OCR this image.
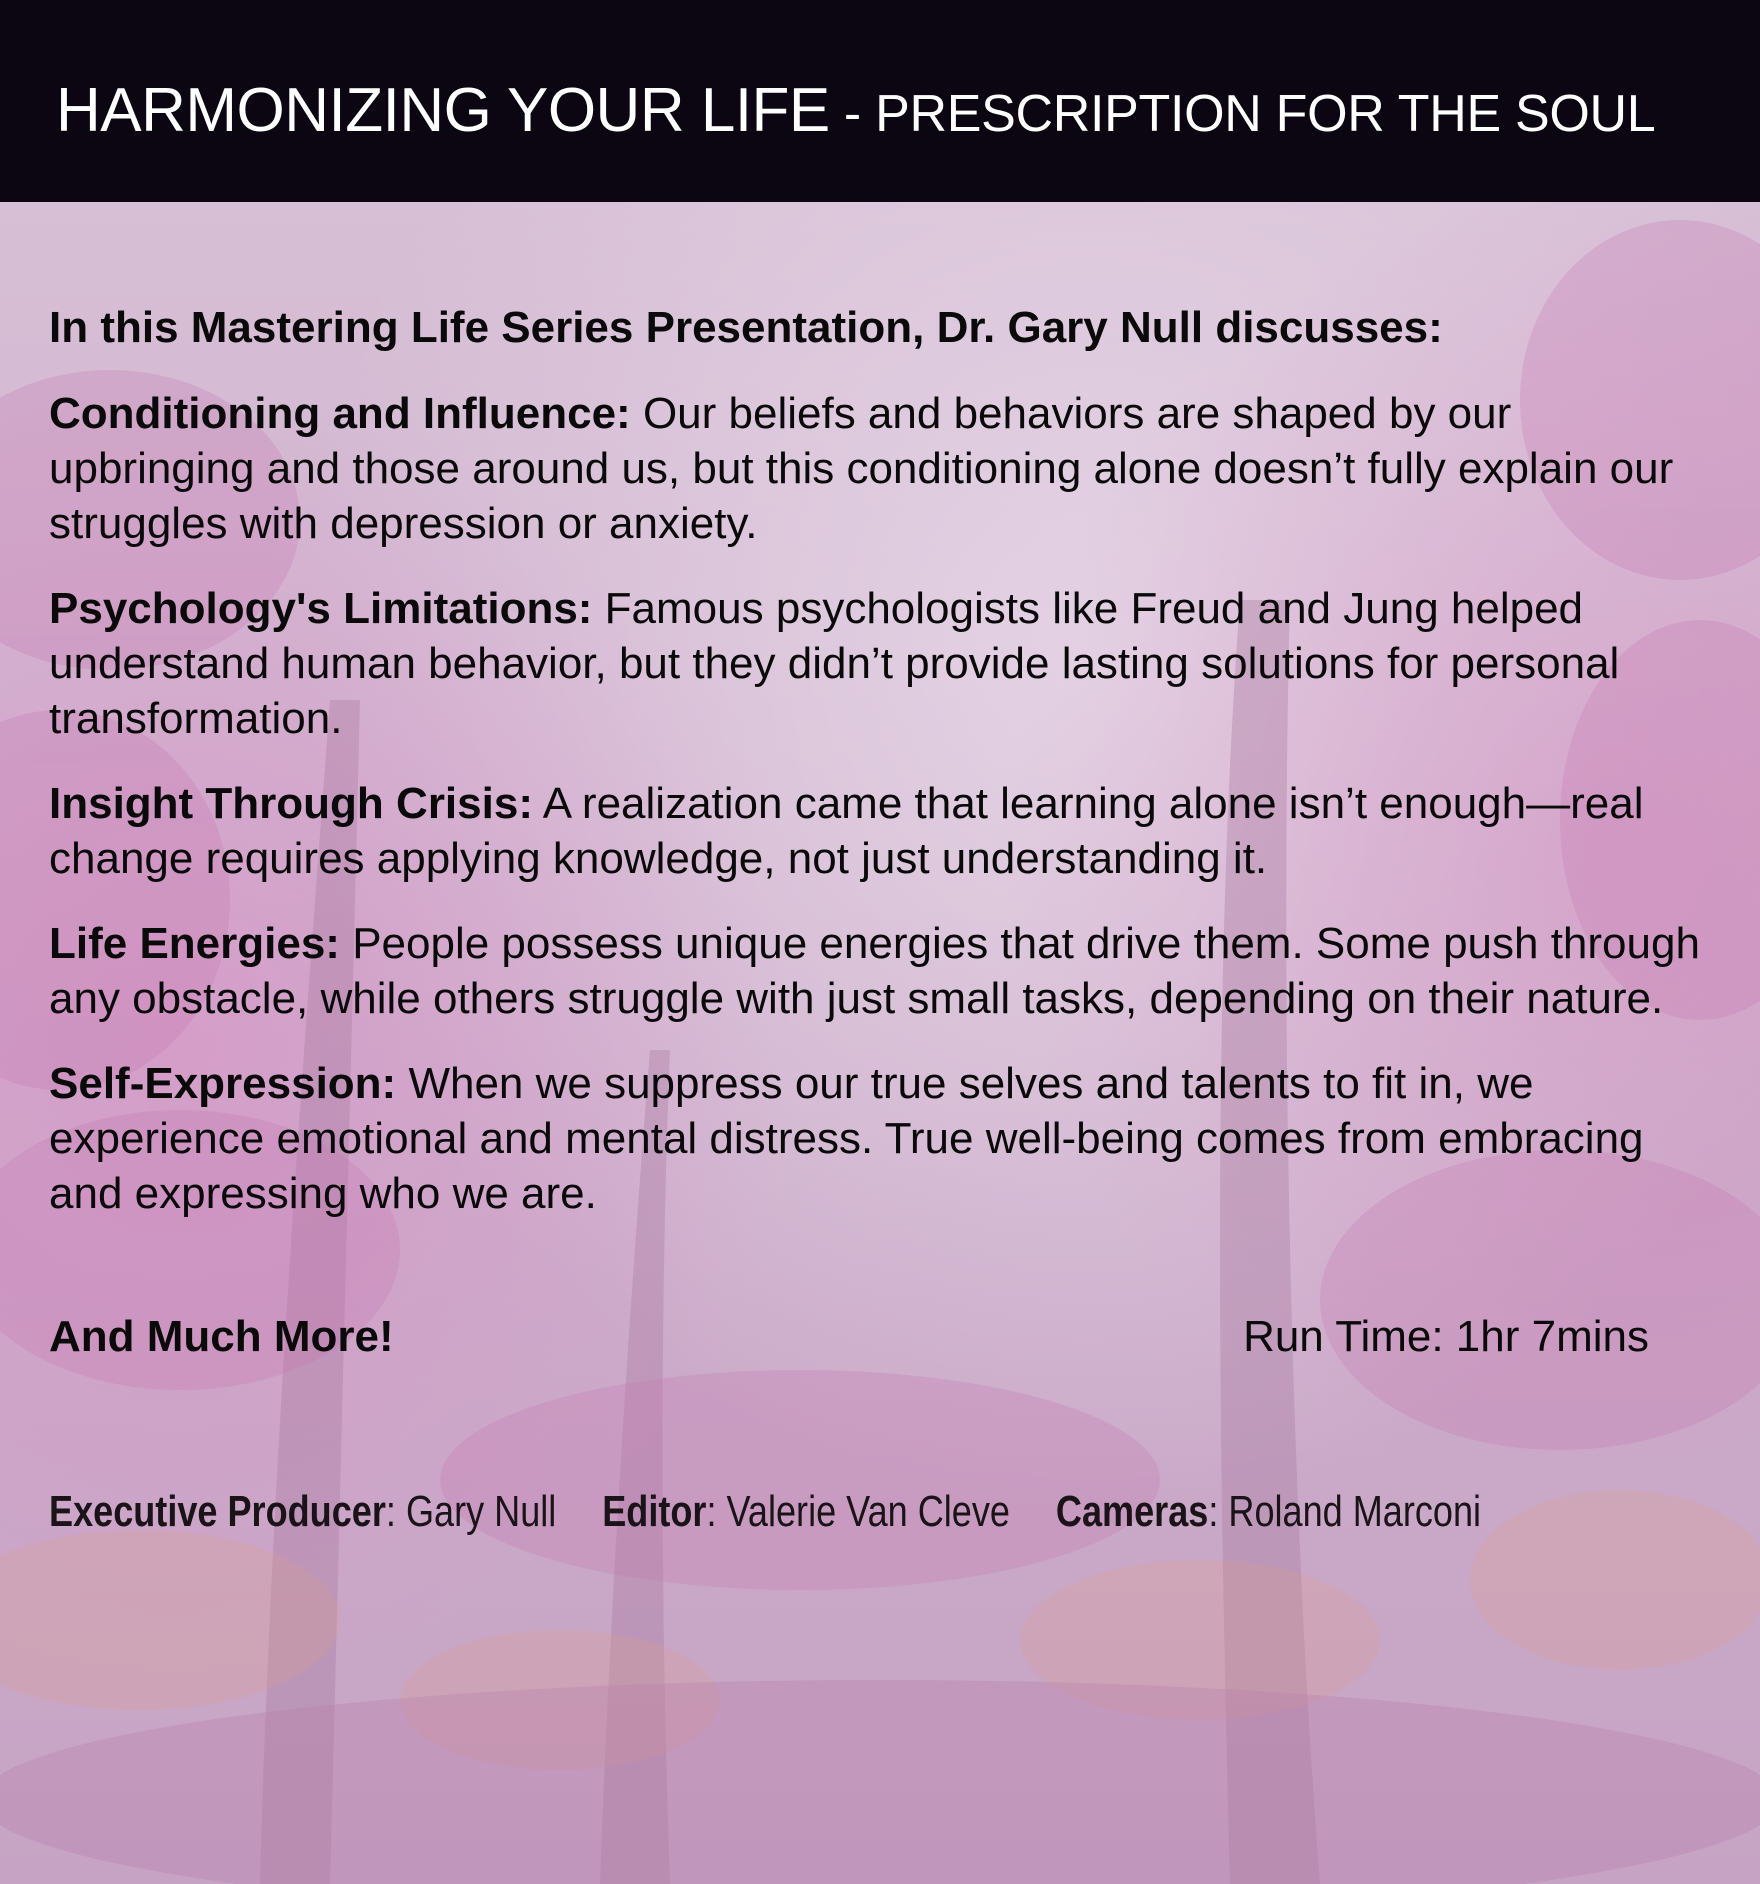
HARMONIZING YOUR LIFE - PRESCRIPTION FOR THE SOUL

In this Mastering Life Series Presentation, Dr. Gary Null discusses:

Conditioning and Influence: Our beliefs and behaviors are shaped by our upbringing and those around us, but this conditioning alone doesn’t fully explain our struggles with depression or anxiety.

Psychology's Limitations: Famous psychologists like Freud and Jung helped understand human behavior, but they didn’t provide lasting solutions for personal transformation.

Insight Through Crisis: A realization came that learning alone isn’t enough—real change requires applying knowledge, not just understanding it.

Life Energies: People possess unique energies that drive them. Some push through any obstacle, while others struggle with just small tasks, depending on their nature.

Self-Expression: When we suppress our true selves and talents to fit in, we experience emotional and mental distress. True well-being comes from embracing and expressing who we are.

And Much More!	Run Time: 1hr 7mins
Executive Producer: Gary Null Editor: Valerie Van Cleve Cameras: Roland Marconi
